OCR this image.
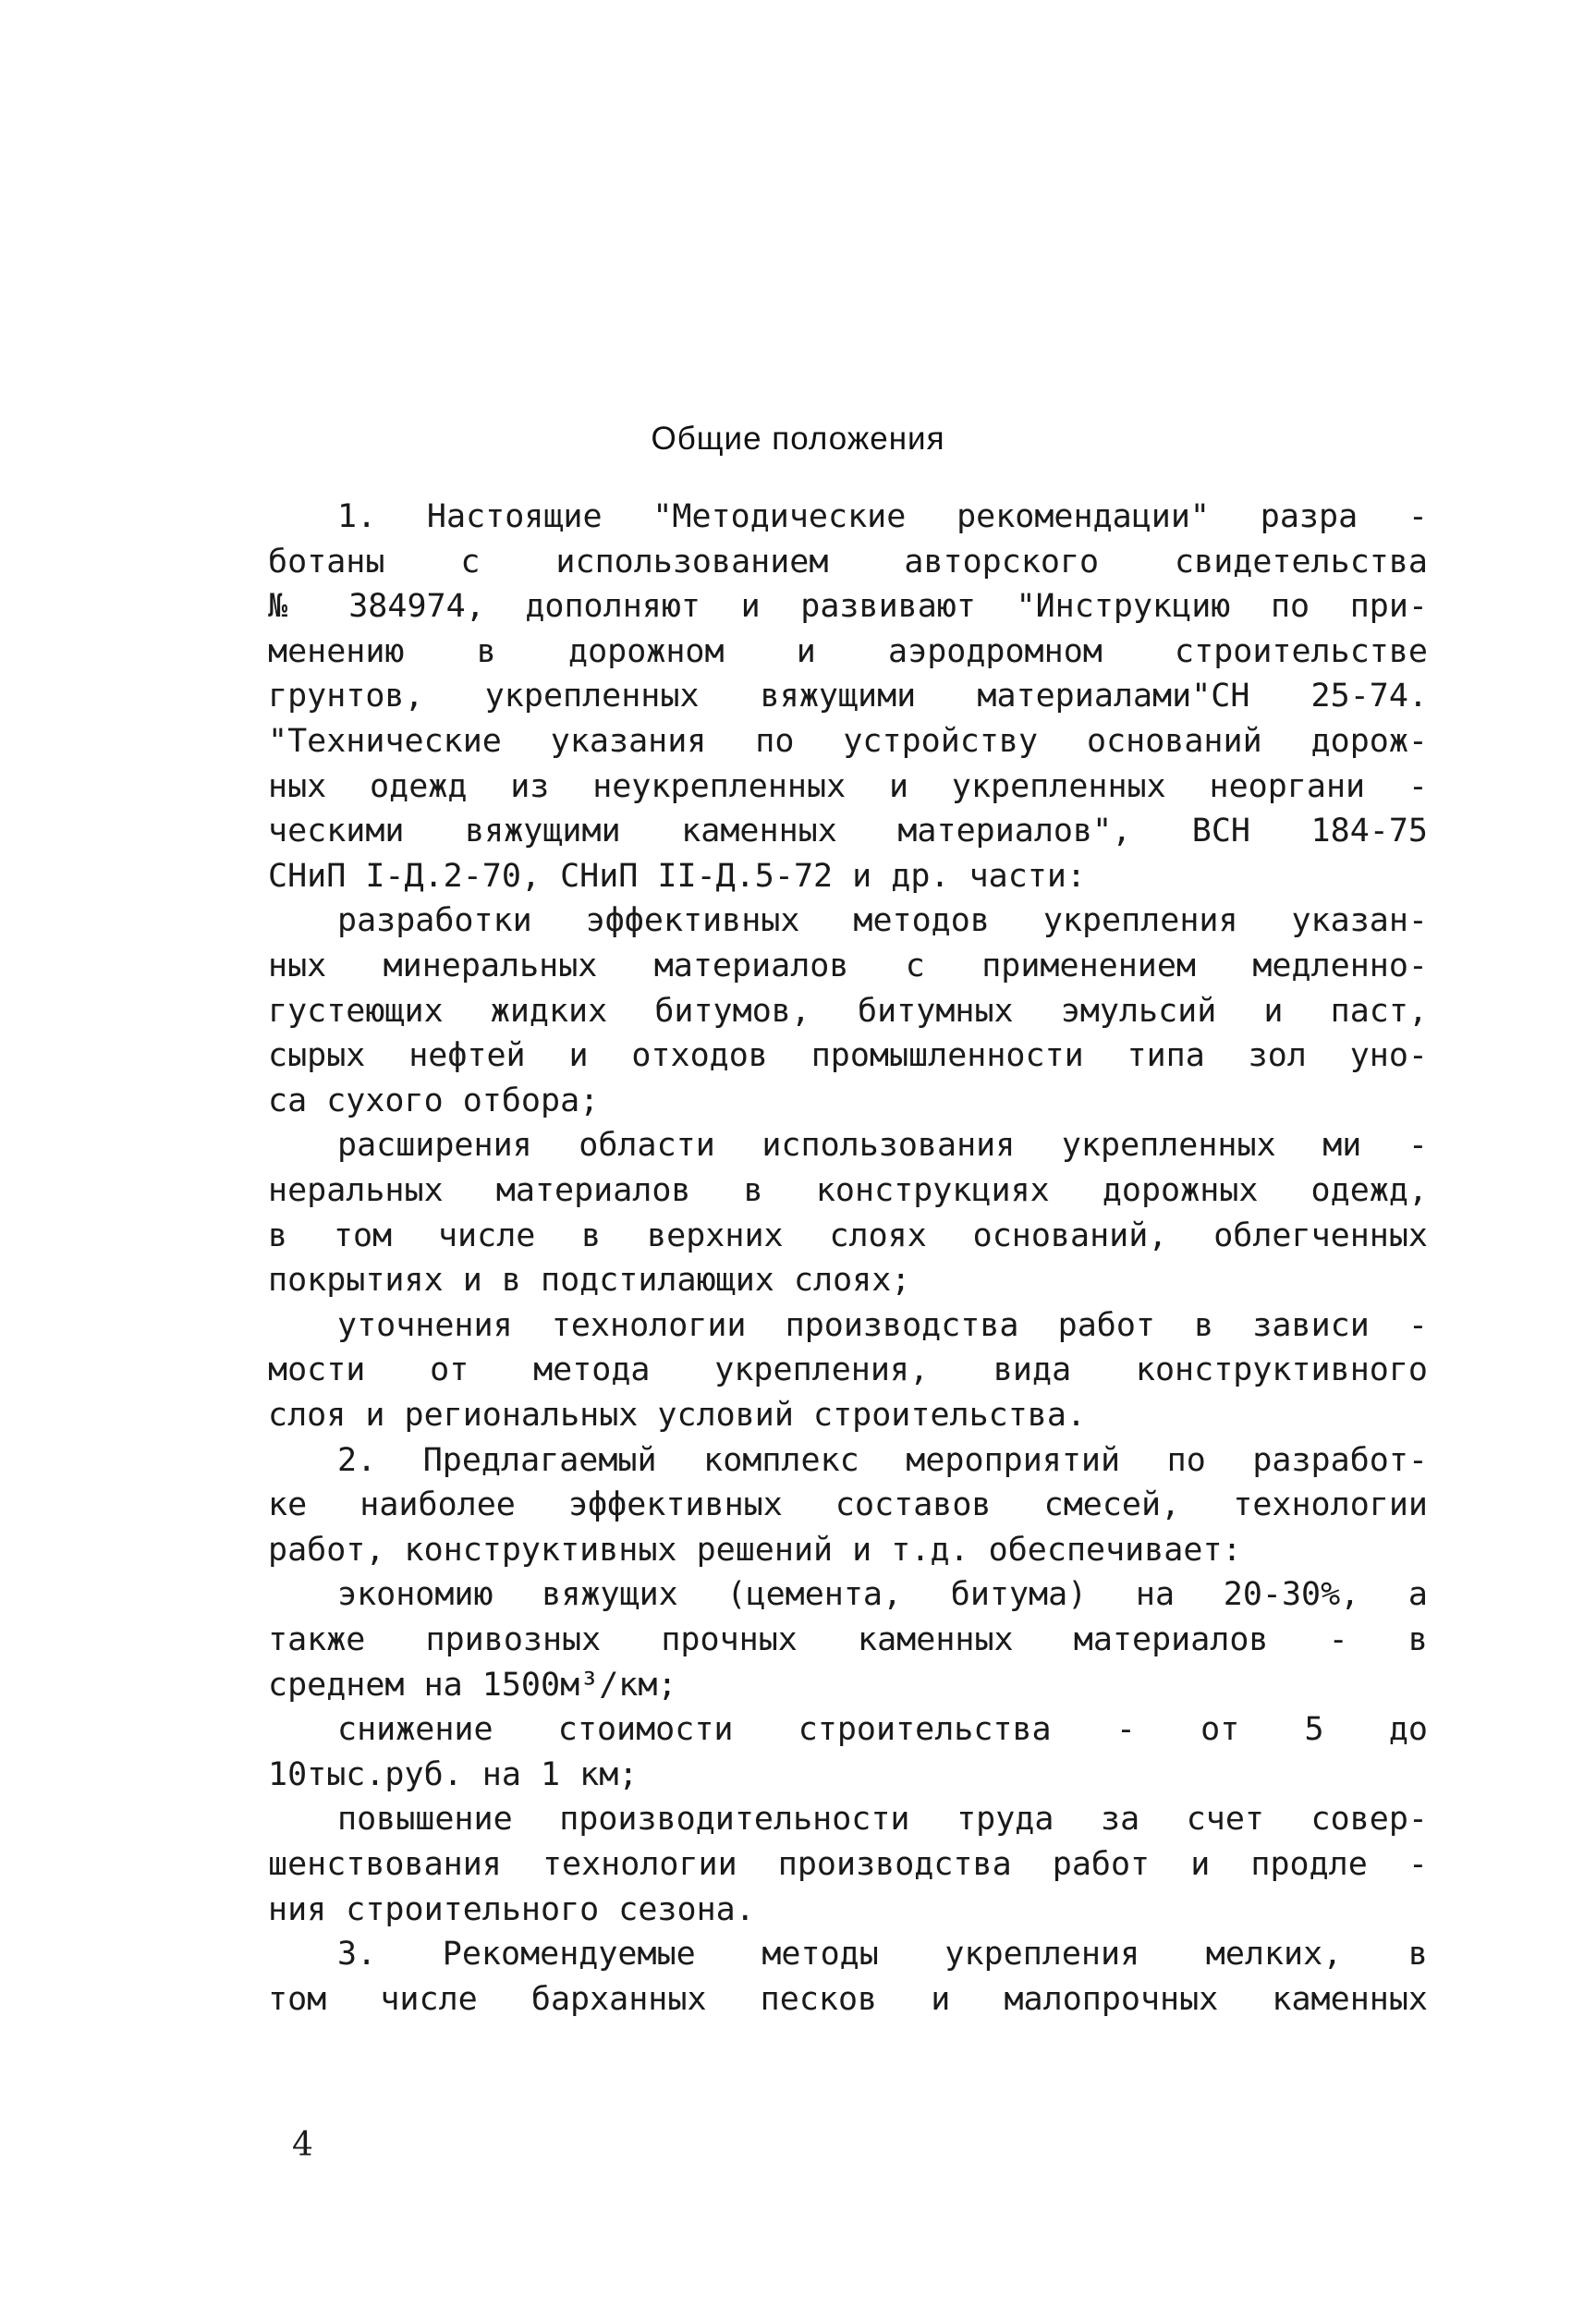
Общие положения
1. Настоящие "Методические рекомендации" разра -
ботаны с использованием авторского свидетельства
№ 384974, дополняют и развивают "Инструкцию по при-
менению в дорожном и аэродромном строительстве
грунтов, укрепленных вяжущими материалами"СН 25-74.
"Технические указания по устройству оснований дорож-
ных одежд из неукрепленных и укрепленных неоргани -
ческими вяжущими каменных материалов", ВСН 184-75
СНиП I-Д.2-70, СНиП II-Д.5-72 и др. части:
разработки эффективных методов укрепления указан-
ных минеральных материалов с применением медленно-
густеющих жидких битумов, битумных эмульсий и паст,
сырых нефтей и отходов промышленности типа зол уно-
са сухого отбора;
расширения области использования укрепленных ми -
неральных материалов в конструкциях дорожных одежд,
в том числе в верхних слоях оснований, облегченных
покрытиях и в подстилающих слоях;
уточнения технологии производства работ в зависи -
мости от метода укрепления, вида конструктивного
слоя и региональных условий строительства.
2. Предлагаемый комплекс мероприятий по разработ-
ке наиболее эффективных составов смесей, технологии
работ, конструктивных решений и т.д. обеспечивает:
экономию вяжущих (цемента, битума) на 20-30%, а
также привозных прочных каменных материалов - в
среднем на 1500м³/км;
снижение стоимости строительства - от 5 до
10тыс.руб. на 1 км;
повышение производительности труда за счет совер-
шенствования технологии производства работ и продле -
ния строительного сезона.
3. Рекомендуемые методы укрепления мелких, в
том числе барханных песков и малопрочных каменных
4
